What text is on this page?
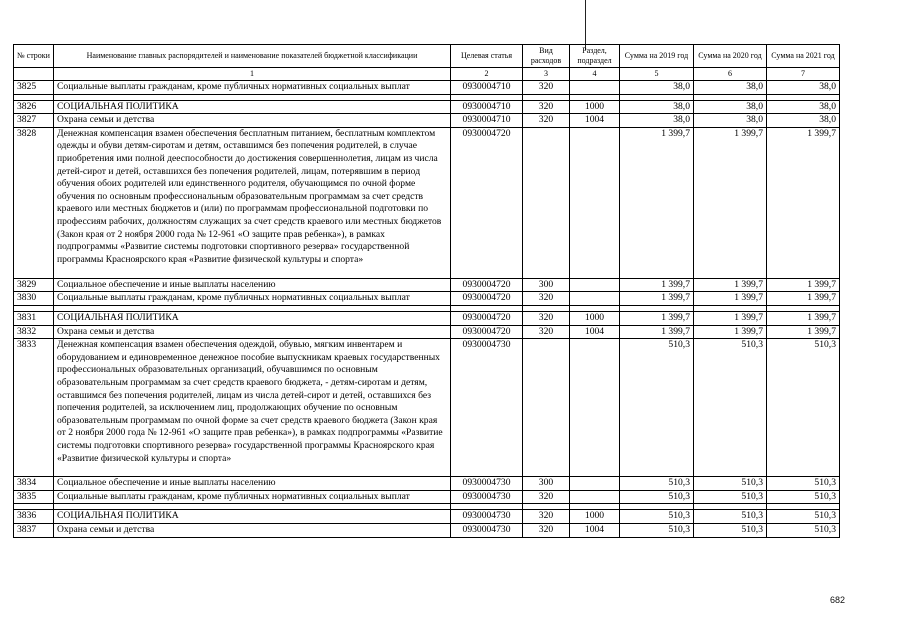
№ строки	Наименование главных распорядителей и наименование показателей бюджетной классификации	Целевая статья	Вид расходов	Раздел, подраздел	Сумма на 2019 год	Сумма на 2020 год	Сумма на 2021 год
	1	2	3	4	5	6	7
3825	Социальные выплаты гражданам, кроме публичных нормативных социальных выплат	0930004710	320		38,0	38,0	38,0

3826	СОЦИАЛЬНАЯ ПОЛИТИКА	0930004710	320	1000	38,0	38,0	38,0
3827	Охрана семьи и детства	0930004710	320	1004	38,0	38,0	38,0
3828	Денежная компенсация взамен обеспечения бесплатным питанием, бесплатным комплектом одежды и обуви детям-сиротам и детям, оставшимся без попечения родителей, в случае приобретения ими полной дееспособности до достижения совершеннолетия, лицам из числа детей-сирот и детей, оставшихся без попечения родителей, лицам, потерявшим в период обучения обоих родителей или единственного родителя, обучающимся по очной форме обучения по основным профессиональным образовательным программам за счет средств краевого или местных бюджетов и (или) по программам профессиональной подготовки по профессиям рабочих, должностям служащих за счет средств краевого или местных бюджетов (Закон края от 2 ноября 2000 года № 12-961 «О защите прав ребенка»), в рамках подпрограммы «Развитие системы подготовки спортивного резерва» государственной программы Красноярского края «Развитие физической культуры и спорта»	0930004720			1 399,7	1 399,7	1 399,7
3829	Социальное обеспечение и иные выплаты населению	0930004720	300		1 399,7	1 399,7	1 399,7
3830	Социальные выплаты гражданам, кроме публичных нормативных социальных выплат	0930004720	320		1 399,7	1 399,7	1 399,7

3831	СОЦИАЛЬНАЯ ПОЛИТИКА	0930004720	320	1000	1 399,7	1 399,7	1 399,7
3832	Охрана семьи и детства	0930004720	320	1004	1 399,7	1 399,7	1 399,7
3833	Денежная компенсация взамен обеспечения одеждой, обувью, мягким инвентарем и оборудованием и единовременное денежное пособие выпускникам краевых государственных профессиональных образовательных организаций, обучавшимся по основным образовательным программам за счет средств краевого бюджета, - детям-сиротам и детям, оставшимся без попечения родителей, лицам из числа детей-сирот и детей, оставшихся без попечения родителей, за исключением лиц, продолжающих обучение по основным образовательным программам по очной форме за счет средств краевого бюджета (Закон края от 2 ноября 2000 года № 12-961 «О защите прав ребенка»), в рамках подпрограммы «Развитие системы подготовки спортивного резерва» государственной программы Красноярского края «Развитие физической культуры и спорта»	0930004730			510,3	510,3	510,3
3834	Социальное обеспечение и иные выплаты населению	0930004730	300		510,3	510,3	510,3
3835	Социальные выплаты гражданам, кроме публичных нормативных социальных выплат	0930004730	320		510,3	510,3	510,3

3836	СОЦИАЛЬНАЯ ПОЛИТИКА	0930004730	320	1000	510,3	510,3	510,3
3837	Охрана семьи и детства	0930004730	320	1004	510,3	510,3	510,3
682
